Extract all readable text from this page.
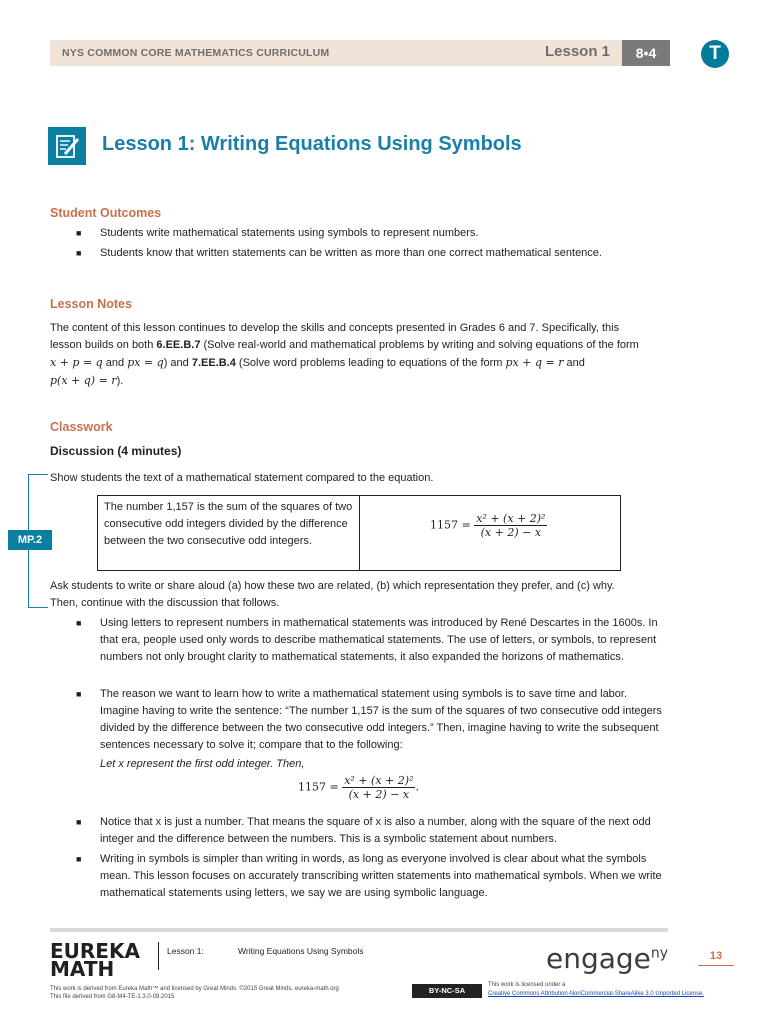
NYS COMMON CORE MATHEMATICS CURRICULUM	Lesson 1	8•4	T
Lesson 1: Writing Equations Using Symbols
Student Outcomes
■ Students write mathematical statements using symbols to represent numbers.
■ Students know that written statements can be written as more than one correct mathematical sentence.
Lesson Notes
The content of this lesson continues to develop the skills and concepts presented in Grades 6 and 7. Specifically, this
lesson builds on both 6.EE.B.7 (Solve real-world and mathematical problems by writing and solving equations of the form
x + p = q and px = q) and 7.EE.B.4 (Solve word problems leading to equations of the form px + q = r and
p(x + q) = r).
Classwork
Discussion (4 minutes)
Show students the text of a mathematical statement compared to the equation.
MP.2
The number 1,157 is the sum of the squares of two consecutive odd integers divided by the difference between the two consecutive odd integers.
$1157 = \frac{\text{x² + (x + 2)²}}{(x + 2) - x}$
Ask students to write or share aloud (a) how these two are related, (b) which representation they prefer, and (c) why.
Then, continue with the discussion that follows.
■ Using letters to represent numbers in mathematical statements was introduced by René Descartes in the 1600s. In that era, people used only words to describe mathematical statements. The use of letters, or symbols, to represent numbers not only brought clarity to mathematical statements, it also expanded the horizons of mathematics.
■ The reason we want to learn how to write a mathematical statement using symbols is to save time and labor. Imagine having to write the sentence: “The number 1,157 is the sum of the squares of two consecutive odd integers divided by the difference between the two consecutive odd integers.” Then, imagine having to write the subsequent sentences necessary to solve it; compare that to the following:
Let x represent the first odd integer. Then,
$1157 = \frac{\text{x² + (x + 2)²}}{(x + 2) - x}$ .
■ Notice that x is just a number. That means the square of x is also a number, along with the square of the next odd integer and the difference between the numbers. This is a symbolic statement about numbers.
■ Writing in symbols is simpler than writing in words, as long as everyone involved is clear about what the symbols mean. This lesson focuses on accurately transcribing written statements into mathematical symbols. When we write mathematical statements using letters, we say we are using symbolic language.
EUREKA
MATH
Lesson 1:	Writing Equations Using Symbols	engage$^{ny}$	13
This work is derived from Eureka Math™ and licensed by Great Minds. ©2015 Great Minds. eureka-math.org
This file derived from G8-M4-TE-1.3.0-09.2015
BY-NC-SA
This work is licensed under a
Creative Commons Attribution-NonCommercial-ShareAlike 3.0 Unported License.
